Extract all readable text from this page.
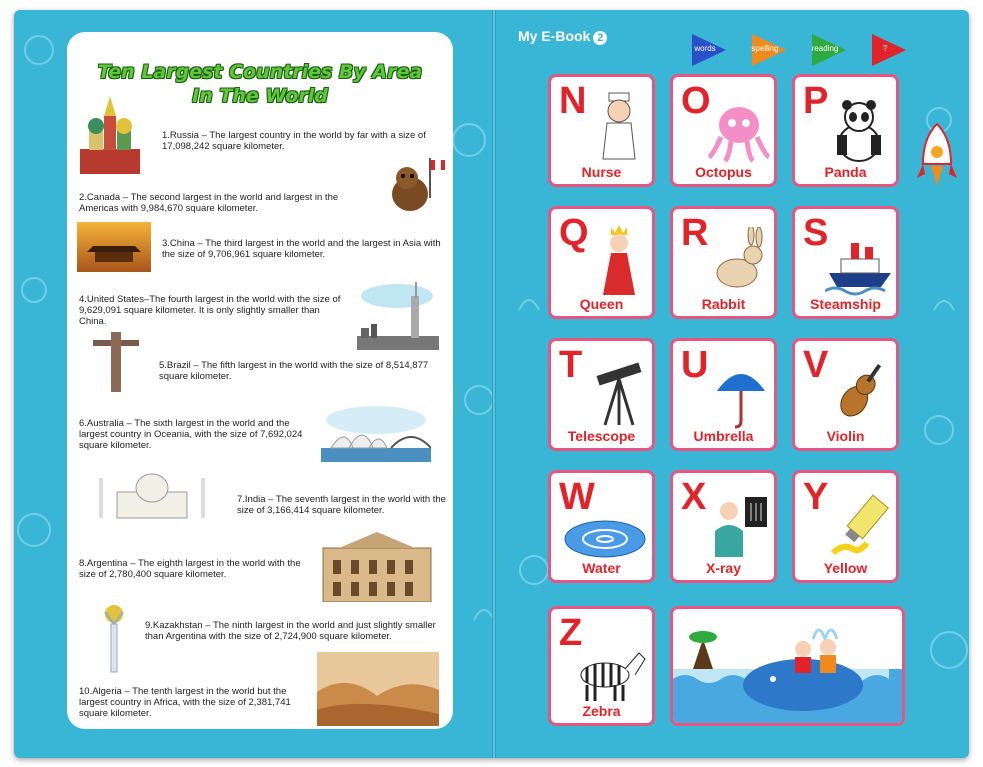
Ten Largest Countries By Area
In The World
1.Russia – The largest country in the world by far with a size of 17,098,242 square kilometer.
2.Canada – The second largest in the world and largest in the Americas with 9,984,670 square kilometer.
3.China – The third largest in the world and the largest in Asia with the size of 9,706,961 square kilometer.
4.United States–The fourth largest in the world with the size of 9,629,091 square kilometer. It is only slightly smaller than China.
5.Brazil – The fifth largest in the world with the size of 8,514,877 square kilometer.
6.Australia – The sixth largest in the world and the largest country in Oceania, with the size of 7,692,024 square kilometer.
7.India – The seventh largest in the world with the size of 3,166,414 square kilometer.
8.Argentina – The eighth largest in the world with the size of 2,780,400 square kilometer.
9.Kazakhstan – The ninth largest in the world and just slightly smaller than Argentina with the size of 2,724,900 square kilometer.
10.Algeria – The tenth largest in the world but the largest country in Africa, with the size of 2,381,741 square kilometer.
My E-Book 2
words	spelling	reading	?
N
Nurse
O
Octopus
P
Panda
Q
Queen
R
Rabbit
S
Steamship
T
Telescope
U
Umbrella
V
Violin
W
Water
X
X-ray
Y
Yellow
Z
Zebra
